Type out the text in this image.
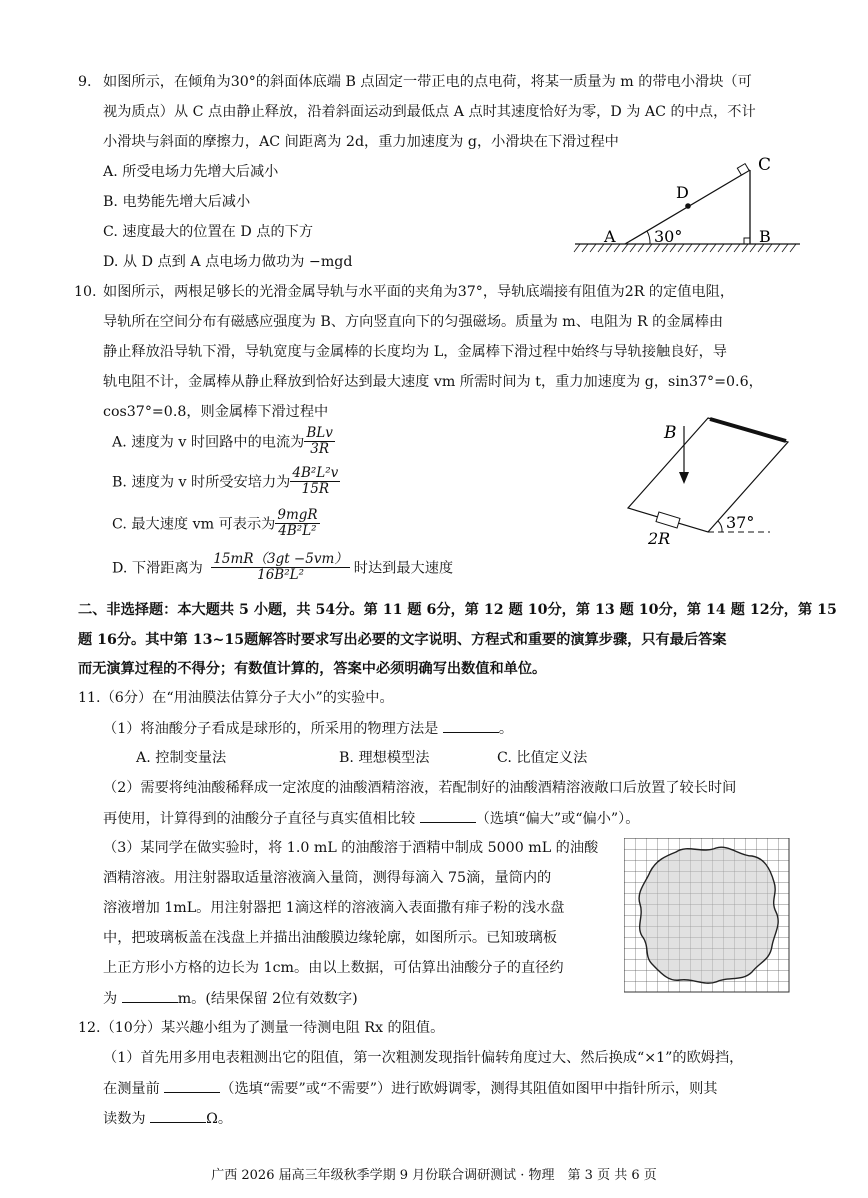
9. 如图所示，在倾角为30°的斜面体底端 B 点固定一带正电的点电荷，将某一质量为 m 的带电小滑块（可
视为质点）从 C 点由静止释放，沿着斜面运动到最低点 A 点时其速度恰好为零，D 为 AC 的中点，不计
小滑块与斜面的摩擦力，AC 间距离为 2d，重力加速度为 g，小滑块在下滑过程中
A. 所受电场力先增大后减小
B. 电势能先增大后减小
C. 速度最大的位置在 D 点的下方
D. 从 D 点到 A 点电场力做功为 −mgd
A	B
C
D
30°
10. 如图所示，两根足够长的光滑金属导轨与水平面的夹角为37°，导轨底端接有阻值为2R 的定值电阻，
导轨所在空间分布有磁感应强度为 B、方向竖直向下的匀强磁场。质量为 m、电阻为 R 的金属棒由
静止释放沿导轨下滑，导轨宽度与金属棒的长度均为 L，金属棒下滑过程中始终与导轨接触良好，导
轨电阻不计，金属棒从静止释放到恰好达到最大速度 vm 所需时间为 t，重力加速度为 g，sin37°=0.6，
cos37°=0.8，则金属棒下滑过程中
A. 速度为 v 时回路中的电流为 $\frac{\text{BLv}}{3R}$
B. 速度为 v 时所受安培力为 $\frac{\text{4B²L²v}}{15R}$
C. 最大速度 vm 可表示为 $\frac{\text{9mgR}}{\text{4B²L²}}$
D. 下滑距离为 $\frac{15mR(3gt -5vm)}{\text{16B²L²}}$ 时达到最大速度
B
2R
37°
二、非选择题：本大题共 5 小题，共 54分。第 11 题 6分，第 12 题 10分，第 13 题 10分，第 14 题 12分，第 15
题 16分。其中第 13~15题解答时要求写出必要的文字说明、方程式和重要的演算步骤，只有最后答案
而无演算过程的不得分；有数值计算的，答案中必须明确写出数值和单位。
11.（6分）在“用油膜法估算分子大小”的实验中。
（1）将油酸分子看成是球形的，所采用的物理方法是	。
A. 控制变量法	B. 理想模型法	C. 比值定义法
（2）需要将纯油酸稀释成一定浓度的油酸酒精溶液，若配制好的油酸酒精溶液敞口后放置了较长时间
再使用，计算得到的油酸分子直径与真实值相比较	（选填“偏大”或“偏小”）。
（3）某同学在做实验时，将 1.0 mL 的油酸溶于酒精中制成 5000 mL 的油酸
酒精溶液。用注射器取适量溶液滴入量筒，测得每滴入 75滴，量筒内的
溶液增加 1mL。用注射器把 1滴这样的溶液滴入表面撒有痱子粉的浅水盘
中，把玻璃板盖在浅盘上并描出油酸膜边缘轮廓，如图所示。已知玻璃板
上正方形小方格的边长为 1cm。由以上数据，可估算出油酸分子的直径约
为	m。(结果保留 2位有效数字)
12.（10分）某兴趣小组为了测量一待测电阻 Rx 的阻值。
（1）首先用多用电表粗测出它的阻值，第一次粗测发现指针偏转角度过大、然后换成“×1”的欧姆挡，
在测量前	（选填“需要”或“不需要”）进行欧姆调零，测得其阻值如图甲中指针所示，则其
读数为	Ω。
广西 2026 届高三年级秋季学期 9 月份联合调研测试 · 物理　第 3 页 共 6 页
